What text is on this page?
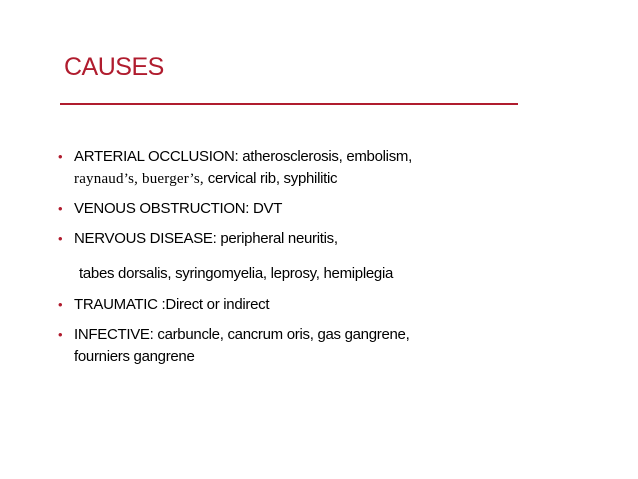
CAUSES
• ARTERIAL OCCLUSION: atherosclerosis, embolism,
raynaud’s, buerger’s, cervical rib, syphilitic
• VENOUS OBSTRUCTION: DVT
• NERVOUS DISEASE: peripheral neuritis,
tabes dorsalis, syringomyelia, leprosy, hemiplegia
• TRAUMATIC :Direct or indirect
• INFECTIVE: carbuncle, cancrum oris, gas gangrene,
fourniers gangrene
